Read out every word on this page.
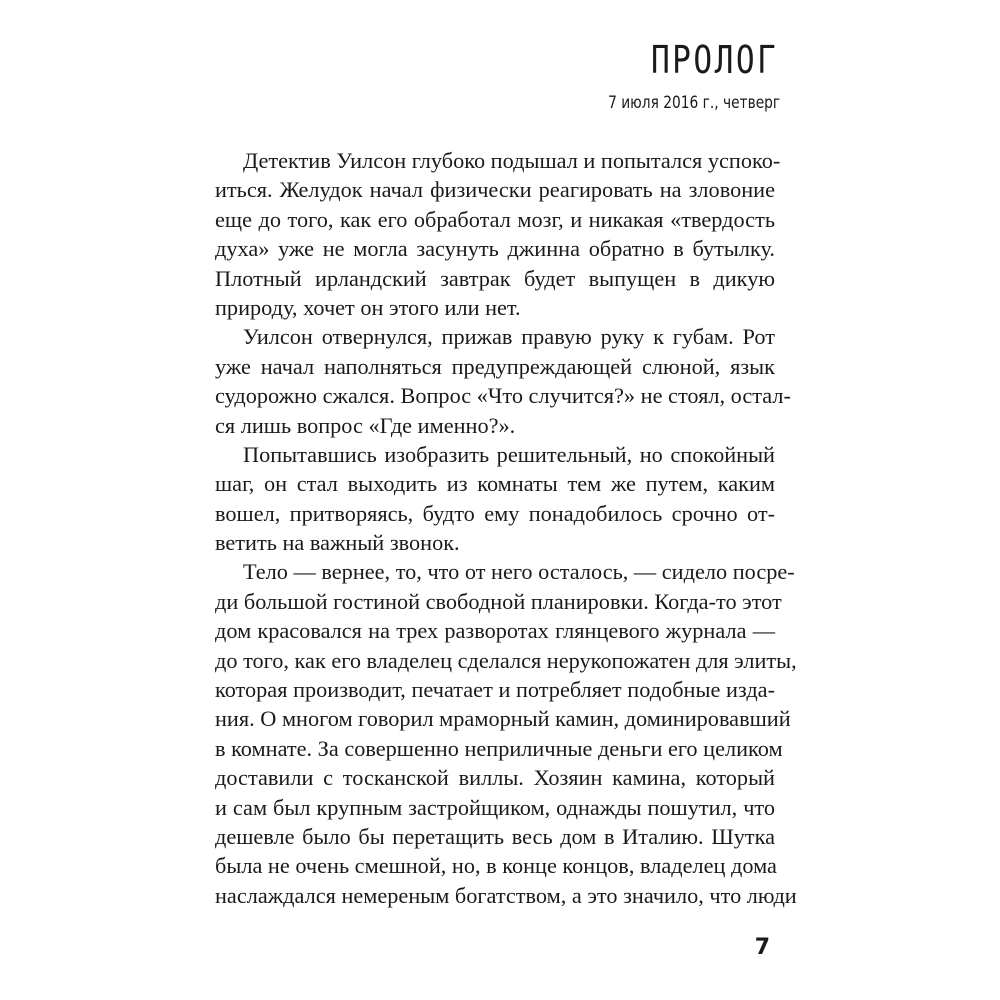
ПРОЛОГ
7 июля 2016 г., четверг
Детектив Уилсон глубоко подышал и попытался успоко-
иться. Желудок начал физически реагировать на зловоние
еще до того, как его обработал мозг, и никакая «твердость
духа» уже не могла засунуть джинна обратно в бутылку.
Плотный ирландский завтрак будет выпущен в дикую
природу, хочет он этого или нет.
Уилсон отвернулся, прижав правую руку к губам. Рот
уже начал наполняться предупреждающей слюной, язык
судорожно сжался. Вопрос «Что случится?» не стоял, остал-
ся лишь вопрос «Где именно?».
Попытавшись изобразить решительный, но спокойный
шаг, он стал выходить из комнаты тем же путем, каким
вошел, притворяясь, будто ему понадобилось срочно от-
ветить на важный звонок.
Тело — вернее, то, что от него осталось, — сидело посре-
ди большой гостиной свободной планировки. Когда-то этот
дом красовался на трех разворотах глянцевого журнала —
до того, как его владелец сделался нерукопожатен для элиты,
которая производит, печатает и потребляет подобные изда-
ния. О многом говорил мраморный камин, доминировавший
в комнате. За совершенно неприличные деньги его целиком
доставили с тосканской виллы. Хозяин камина, который
и сам был крупным застройщиком, однажды пошутил, что
дешевле было бы перетащить весь дом в Италию. Шутка
была не очень смешной, но, в конце концов, владелец дома
наслаждался немереным богатством, а это значило, что люди
7
